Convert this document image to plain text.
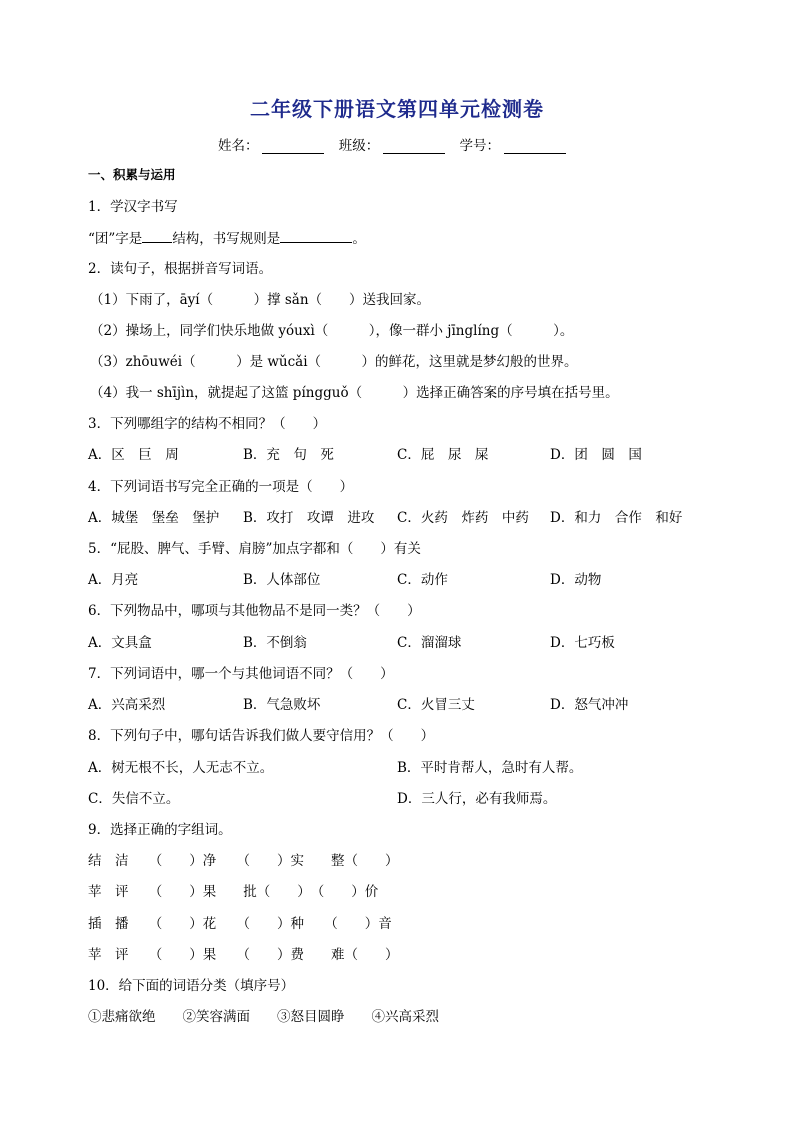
二年级下册语文第四单元检测卷
姓名：	班级：	学号：
一、积累与运用
1．学汉字书写
“团”字是 结构，书写规则是	。
2．读句子，根据拼音写词语。
（1）下雨了，āyí（　　　）撑 sǎn（　　）送我回家。
（2）操场上，同学们快乐地做 yóuxì（　　　），像一群小 jīnglíng（　　　）。
（3）zhōuwéi（　　　）是 wǔcǎi（　　　）的鲜花，这里就是梦幻般的世界。
（4）我一 shījìn，就提起了这篮 píngguǒ（　　　）选择正确答案的序号填在括号里。
3．下列哪组字的结构不相同？（　　）
A．区　巨　周	B．充　句　死	C．屁　尿　屎	D．团　圆　国
4．下列词语书写完全正确的一项是（　　）
A．城堡　堡垒　堡护 B．攻打　攻谭　进攻 C．火药　炸药　中药 D．和力　合作　和好
5．“屁股、脾气、手臂、肩膀”加点字都和（　　）有关
A．月亮	B．人体部位	C．动作	D．动物
6．下列物品中，哪项与其他物品不是同一类？（　　）
A．文具盒	B．不倒翁	C．溜溜球	D．七巧板
7．下列词语中，哪一个与其他词语不同？（　　）
A．兴高采烈	B．气急败坏	C．火冒三丈	D．怒气冲冲
8．下列句子中，哪句话告诉我们做人要守信用？（　　）
A．树无根不长，人无志不立。	B．平时肯帮人，急时有人帮。
C．失信不立。	D．三人行，必有我师焉。
9．选择正确的字组词。
结　洁　　（　　）净　　（　　）实　　整（　　）
苹　评　　（　　）果　　批（　　）　（　　）价
插　播　　（　　）花　　（　　）种　　（　　）音
苹　评　　（　　）果　　（　　）费　　难（　　）
10．给下面的词语分类（填序号）
①悲痛欲绝　　②笑容满面　　③怒目圆睁　　④兴高采烈
